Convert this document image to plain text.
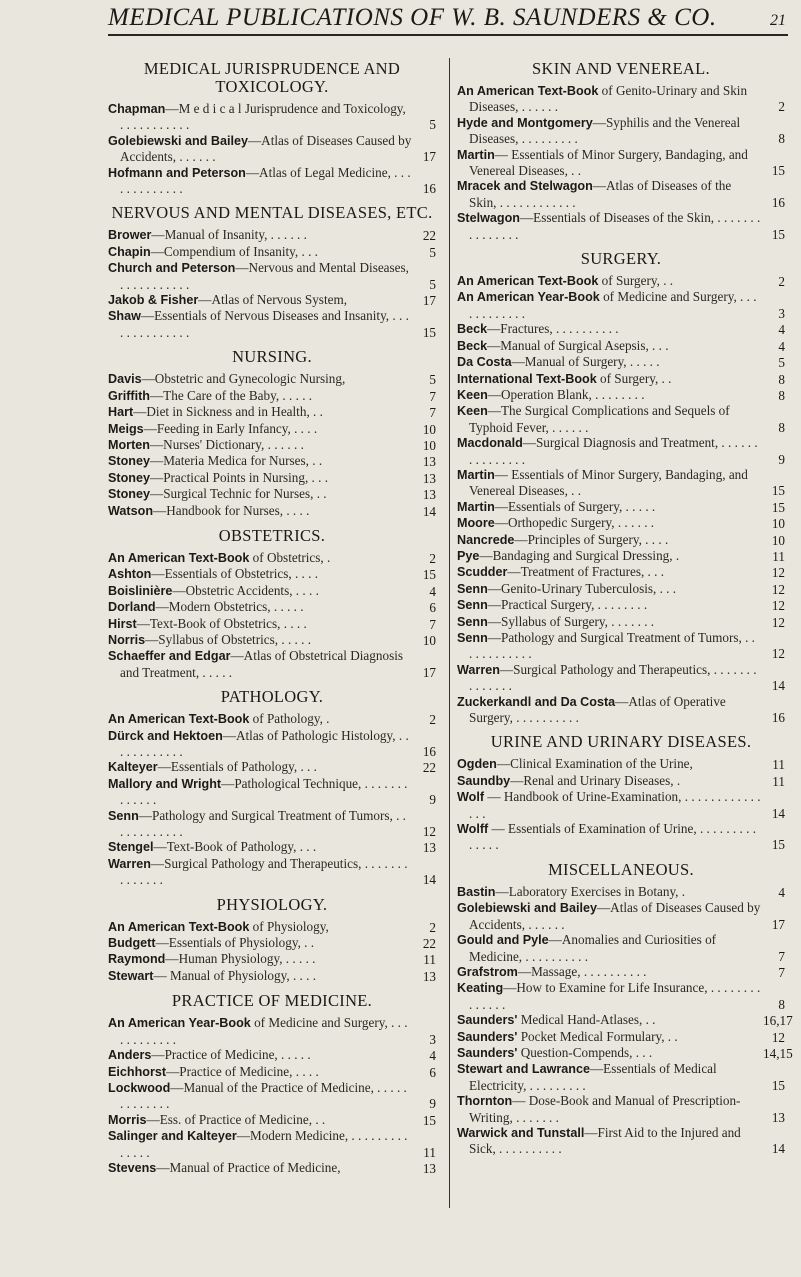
MEDICAL PUBLICATIONS OF W. B. SAUNDERS & CO.	21
MEDICAL JURISPRUDENCE AND TOXICOLOGY.
Chapman—M e d i c a l Jurisprudence and Toxicology, . . . . . . . . . . .	5
Golebiewski and Bailey—Atlas of Diseases Caused by Accidents, . . . . . .	17
Hofmann and Peterson—Atlas of Legal Medicine, . . . . . . . . . . . . .	16
NERVOUS AND MENTAL DISEASES, ETC.
Brower—Manual of Insanity, . . . . . .	22
Chapin—Compendium of Insanity, . . .	5
Church and Peterson—Nervous and Mental Diseases, . . . . . . . . . . .	5
Jakob & Fisher—Atlas of Nervous System,	17
Shaw—Essentials of Nervous Diseases and Insanity, . . . . . . . . . . . . . .	15
NURSING.
Davis—Obstetric and Gynecologic Nursing,	5
Griffith—The Care of the Baby, . . . . .	7
Hart—Diet in Sickness and in Health, . .	7
Meigs—Feeding in Early Infancy, . . . .	10
Morten—Nurses' Dictionary, . . . . . .	10
Stoney—Materia Medica for Nurses, . .	13
Stoney—Practical Points in Nursing, . . .	13
Stoney—Surgical Technic for Nurses, . .	13
Watson—Handbook for Nurses, . . . .	14
OBSTETRICS.
An American Text-Book of Obstetrics, .	2
Ashton—Essentials of Obstetrics, . . . .	15
Boislinière—Obstetric Accidents, . . . .	4
Dorland—Modern Obstetrics, . . . . .	6
Hirst—Text-Book of Obstetrics, . . . .	7
Norris—Syllabus of Obstetrics, . . . . .	10
Schaeffer and Edgar—Atlas of Obstetrical Diagnosis and Treatment, . . . . .	17
PATHOLOGY.
An American Text-Book of Pathology, .	2
Dürck and Hektoen—Atlas of Pathologic Histology, . . . . . . . . . . . .	16
Kalteyer—Essentials of Pathology, . . .	22
Mallory and Wright—Pathological Technique, . . . . . . . . . . . . .	9
Senn—Pathology and Surgical Treatment of Tumors, . . . . . . . . . . . .	12
Stengel—Text-Book of Pathology, . . .	13
Warren—Surgical Pathology and Therapeutics, . . . . . . . . . . . . . .	14
PHYSIOLOGY.
An American Text-Book of Physiology,	2
Budgett—Essentials of Physiology, . .	22
Raymond—Human Physiology, . . . . .	11
Stewart— Manual of Physiology, . . . .	13
PRACTICE OF MEDICINE.
An American Year-Book of Medicine and Surgery, . . . . . . . . . . . .	3
Anders—Practice of Medicine, . . . . .	4
Eichhorst—Practice of Medicine, . . . .	6
Lockwood—Manual of the Practice of Medicine, . . . . . . . . . . . . .	9
Morris—Ess. of Practice of Medicine, . .	15
Salinger and Kalteyer—Modern Medicine, . . . . . . . . . . . . . .	11
Stevens—Manual of Practice of Medicine,	13
SKIN AND VENEREAL.
An American Text-Book of Genito-Urinary and Skin Diseases, . . . . . .	2
Hyde and Montgomery—Syphilis and the Venereal Diseases, . . . . . . . . .	8
Martin— Essentials of Minor Surgery, Bandaging, and Venereal Diseases, . .	15
Mracek and Stelwagon—Atlas of Diseases of the Skin, . . . . . . . . . . . .	16
Stelwagon—Essentials of Diseases of the Skin, . . . . . . . . . . . . . . .	15
SURGERY.
An American Text-Book of Surgery, . .	2
An American Year-Book of Medicine and Surgery, . . . . . . . . . . . .	3
Beck—Fractures, . . . . . . . . . .	4
Beck—Manual of Surgical Asepsis, . . .	4
Da Costa—Manual of Surgery, . . . . .	5
International Text-Book of Surgery, . .	8
Keen—Operation Blank, . . . . . . . .	8
Keen—The Surgical Complications and Sequels of Typhoid Fever, . . . . . .	8
Macdonald—Surgical Diagnosis and Treatment, . . . . . . . . . . . . . . .	9
Martin— Essentials of Minor Surgery, Bandaging, and Venereal Diseases, . .	15
Martin—Essentials of Surgery, . . . . .	15
Moore—Orthopedic Surgery, . . . . . .	10
Nancrede—Principles of Surgery, . . . .	10
Pye—Bandaging and Surgical Dressing, .	11
Scudder—Treatment of Fractures, . . .	12
Senn—Genito-Urinary Tuberculosis, . . .	12
Senn—Practical Surgery, . . . . . . . .	12
Senn—Syllabus of Surgery, . . . . . . .	12
Senn—Pathology and Surgical Treatment of Tumors, . . . . . . . . . . . .	12
Warren—Surgical Pathology and Therapeutics, . . . . . . . . . . . . . .	14
Zuckerkandl and Da Costa—Atlas of Operative Surgery, . . . . . . . . . .	16
URINE AND URINARY DISEASES.
Ogden—Clinical Examination of the Urine,	11
Saundby—Renal and Urinary Diseases, .	11
Wolf — Handbook of Urine-Examination, . . . . . . . . . . . . . . .	14
Wolff — Essentials of Examination of Urine, . . . . . . . . . . . . . .	15
MISCELLANEOUS.
Bastin—Laboratory Exercises in Botany, .	4
Golebiewski and Bailey—Atlas of Diseases Caused by Accidents, . . . . . .	17
Gould and Pyle—Anomalies and Curiosities of Medicine, . . . . . . . . . .	7
Grafstrom—Massage, . . . . . . . . . .	7
Keating—How to Examine for Life Insurance, . . . . . . . . . . . . . .	8
Saunders' Medical Hand-Atlases, . .	16,17
Saunders' Pocket Medical Formulary, . .	12
Saunders' Question-Compends, . . .	14,15
Stewart and Lawrance—Essentials of Medical Electricity, . . . . . . . . .	15
Thornton— Dose-Book and Manual of Prescription-Writing, . . . . . . .	13
Warwick and Tunstall—First Aid to the Injured and Sick, . . . . . . . . . .	14
